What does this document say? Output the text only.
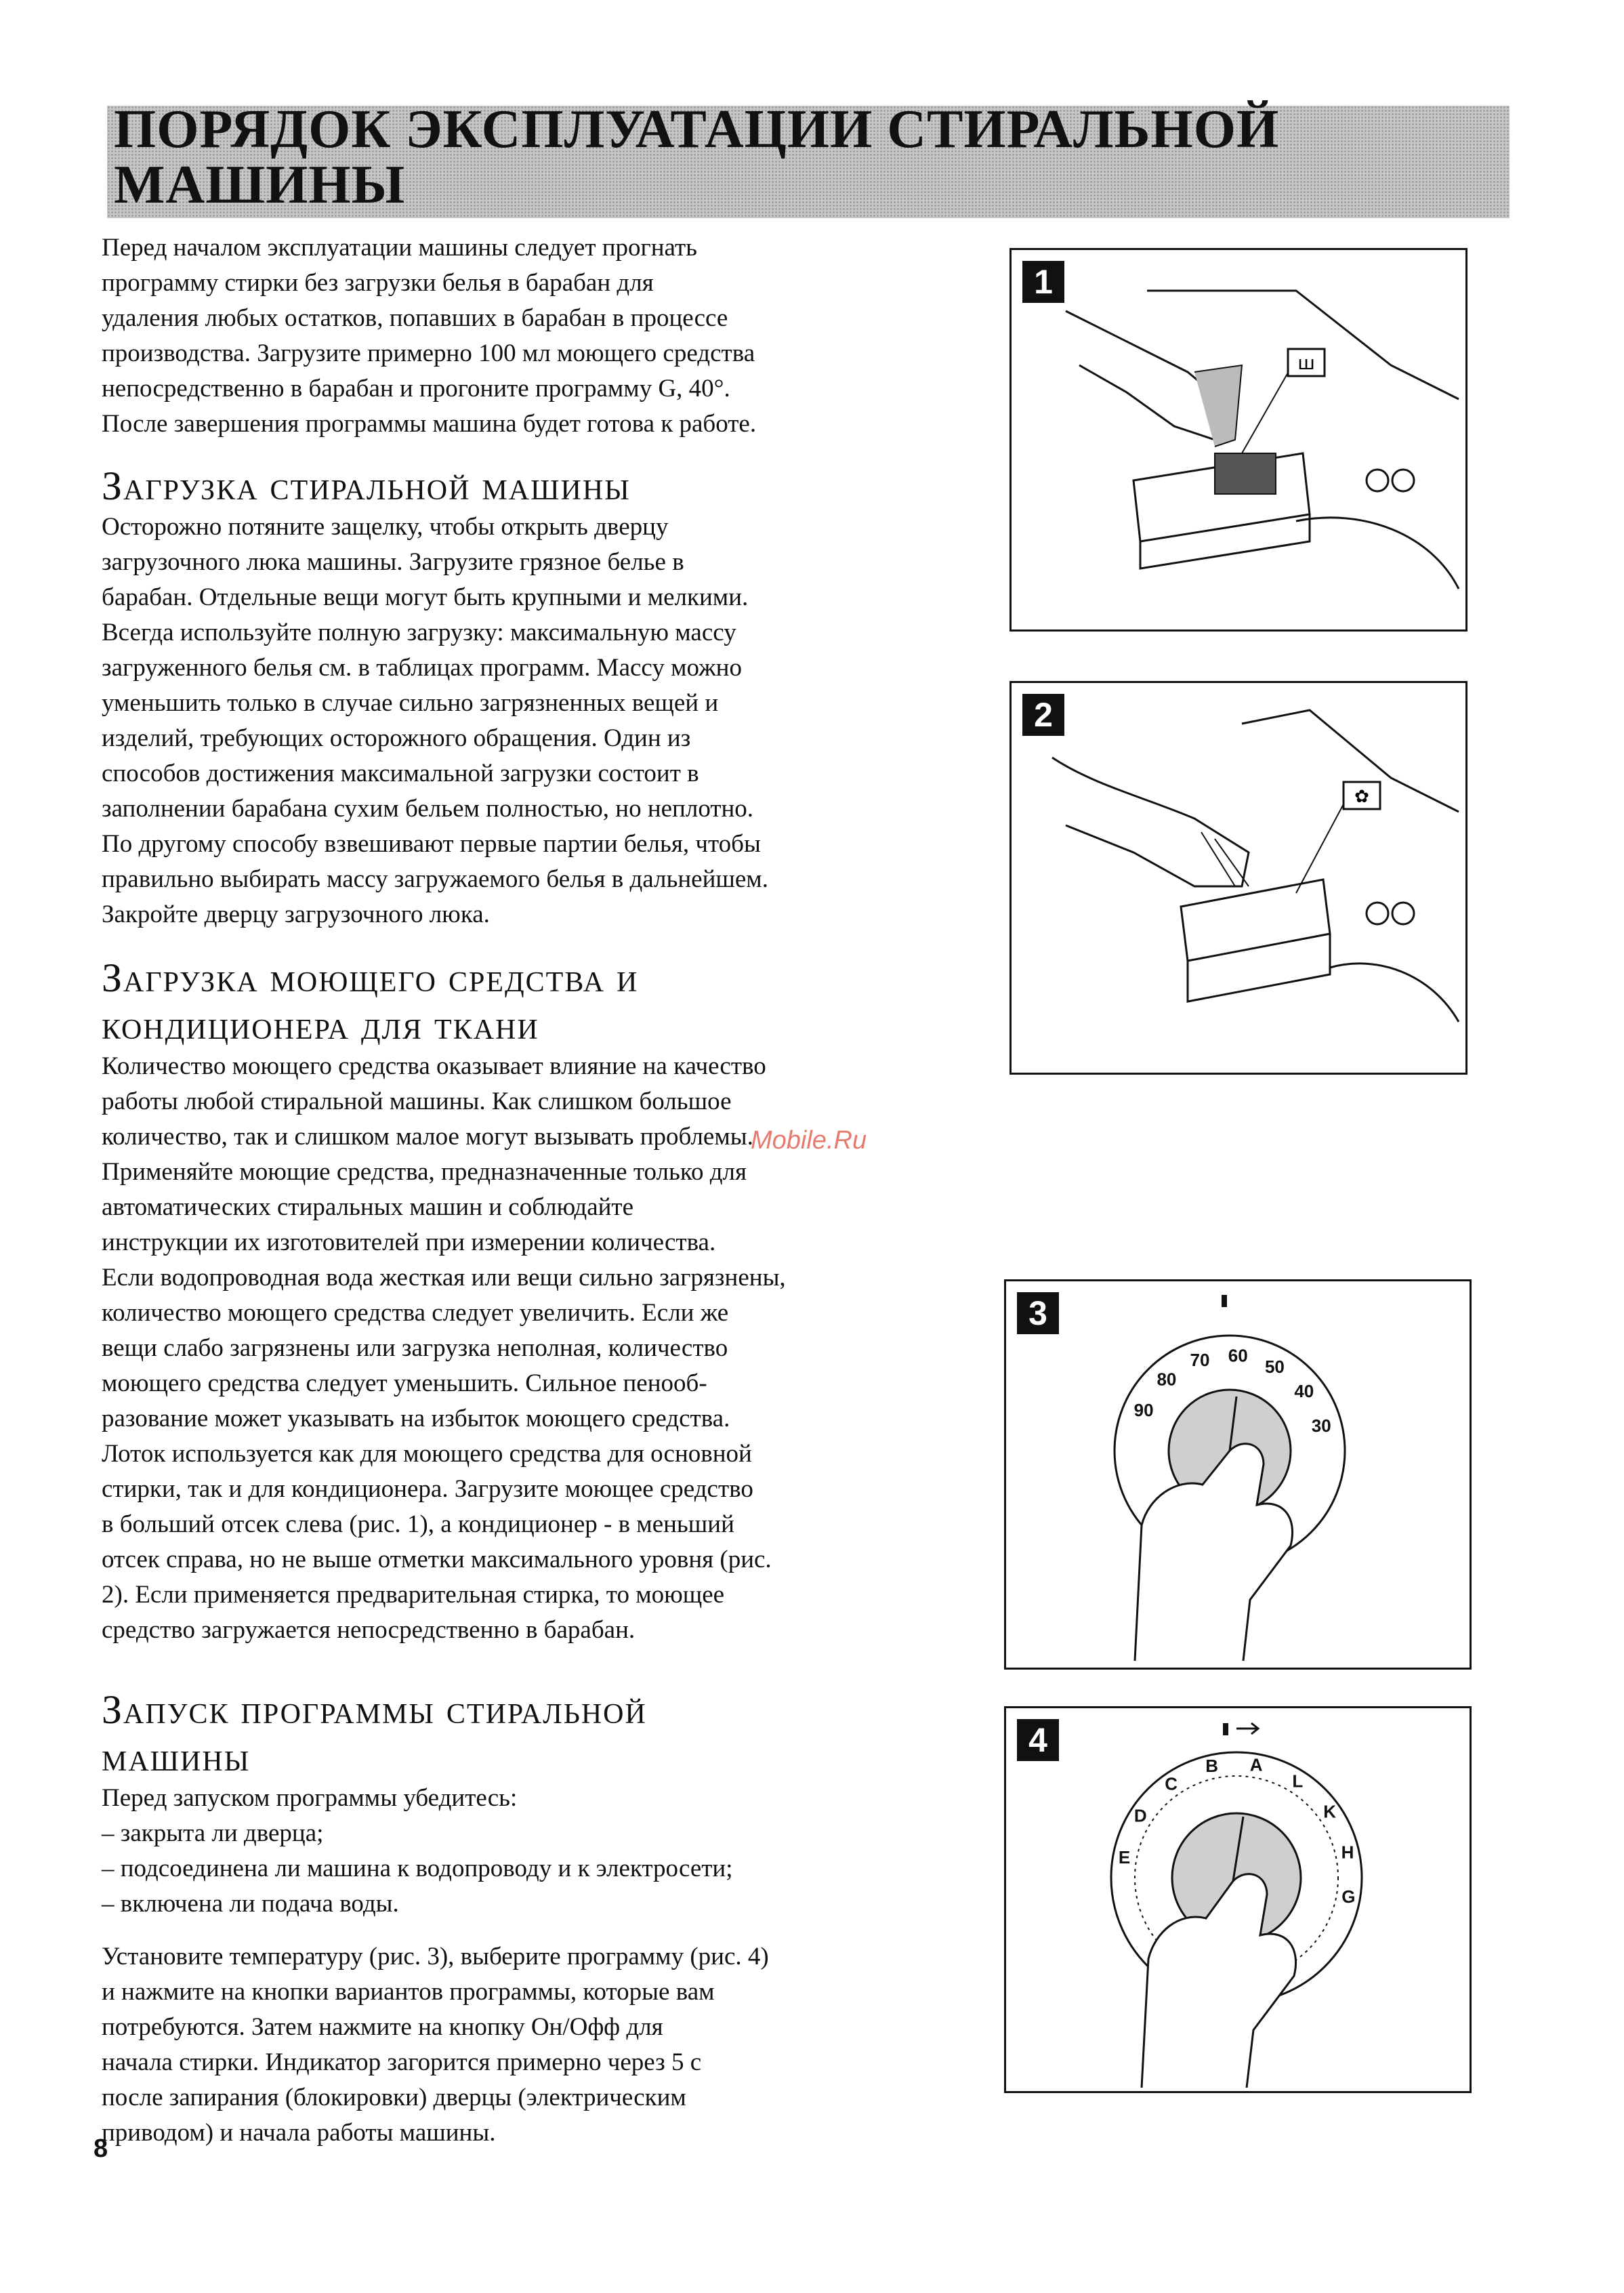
ПОРЯДОК ЭКСПЛУАТАЦИИ СТИРАЛЬНОЙ МАШИНЫ

Перед началом эксплуатации машины следует прогнать
программу стирки без загрузки белья в барабан для
удаления любых остатков, попавших в барабан в процессе
производства. Загрузите примерно 100 мл моющего средства
непосредственно в барабан и прогоните программу G, 40°.
После завершения программы машина будет готова к работе.

Загрузка стиральной машины

Осторожно потяните защелку, чтобы открыть дверцу
загрузочного люка машины. Загрузите грязное белье в
барабан. Отдельные вещи могут быть крупными и мелкими.
Всегда используйте полную загрузку: максимальную массу
загруженного белья см. в таблицах программ. Массу можно
уменьшить только в случае сильно загрязненных вещей и
изделий, требующих осторожного обращения. Один из
способов достижения максимальной загрузки состоит в
заполнении барабана сухим бельем полностью, но неплотно.
По другому способу взвешивают первые партии белья, чтобы
правильно выбирать массу загружаемого белья в дальнейшем.
Закройте дверцу загрузочного люка.

Загрузка моющего средства и
кондиционера для ткани

Количество моющего средства оказывает влияние на качество
работы любой стиральной машины. Как слишком большое
количество, так и слишком малое могут вызывать проблемы.
Применяйте моющие средства, предназначенные только для
автоматических стиральных машин и соблюдайте
инструкции их изготовителей при измерении количества.
Если водопроводная вода жесткая или вещи сильно загрязнены,
количество моющего средства следует увеличить. Если же
вещи слабо загрязнены или загрузка неполная, количество
моющего средства следует уменьшить. Сильное пенооб-
разование может указывать на избыток моющего средства.
Лоток используется как для моющего средства для основной
стирки, так и для кондиционера. Загрузите моющее средство
в больший отсек слева (рис. 1), а кондиционер - в меньший
отсек справа, но не выше отметки максимального уровня (рис.
2). Если применяется предварительная стирка, то моющее
средство загружается непосредственно в барабан.

Запуск программы стиральной
машины

Перед запуском программы убедитесь:
– закрыта ли дверца;
– подсоединена ли машина к водопроводу и к электросети;
– включена ли подача воды.

Установите температуру (рис. 3), выберите программу (рис. 4)
и нажмите на кнопки вариантов программы, которые вам
потребуются. Затем нажмите на кнопку Он/Офф для
начала стирки. Индикатор загорится примерно через 5 с
после запирания (блокировки) дверцы (электрическим
приводом) и начала работы машины.

Mobile.Ru
8
ш
1
✿
2
90
80
70 60
50
40
30
3
E
D
C
B A
L
K
H
G
4
